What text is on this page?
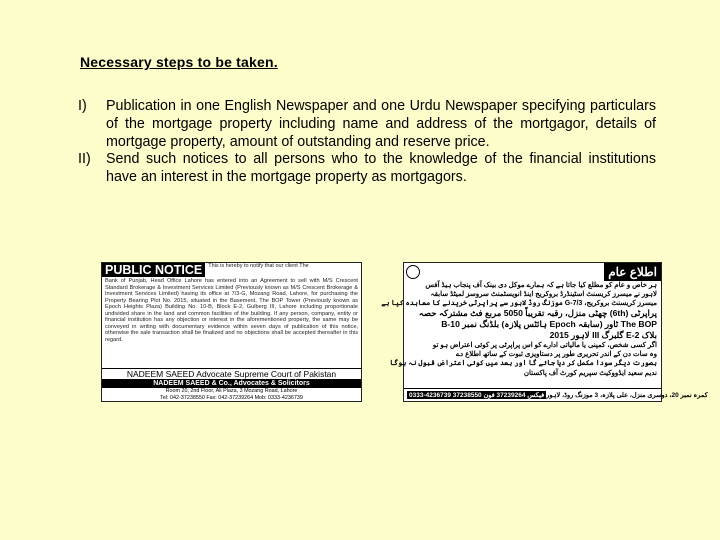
Necessary steps to be taken.
I)	Publication in one English Newspaper and one Urdu Newspaper specifying particulars of the mortgage property including name and address of the mortgagor, details of mortgage property, amount of outstanding and reserve price.
II)	Send such notices to all persons who to the knowledge of the financial institutions have an interest in the mortgage property as mortgagors.
PUBLIC NOTICE	This is hereby to notify that our client The
Bank of Punjab, Head Office Lahore has entered into an Agreement to sell with M/S Crescent Standard Brokerage & Investment Services Limited (Previously known as M/S Crescent Brokerage & Investment Services Limited) having its office at 7/3-G, Mozang Road, Lahore, for purchasing the Property Bearing Plot No. 2015, situated in the Basement, The BOP Tower (Previously known as Epoch Heights Plaza) Building No. 10-B, Block E-2, Gulberg III, Lahore including proportionate undivided share in the land and common facilities of the building. If any person, company, entity or financial institution has any objection or interest in the aforementioned property, the same may be conveyed in writing with documentary evidence within seven days of publication of this notice, otherwise the sale transaction shall be finalized and no objections shall be accepted thereafter in this regard.
NADEEM SAEED Advocate Supreme Court of Pakistan
NADEEM SAEED & Co., Advocates & Solicitors
Room 20, 2nd Floor, Ali Plaza, 3 Mozang Road, Lahore
Tel: 042-37238550 Fax: 042-37239264 Mob: 0333-4236739
اطلاع عام
ہر خاص و عام کو مطلع کیا جاتا ہے کہ ہمارے موکل دی بینک آف پنجاب ہیڈ آفس
لاہور نے میسرز کریسنٹ اسٹینڈرڈ بروکریج اینڈ انویسٹمنٹ سروسز لمیٹڈ سابقہ
میسرز کریسنٹ بروکریج، 7/3-G موزنگ روڈ لاہور سے پراپرٹی خریدنے کا معاہدہ کیا ہے
پراپرٹی (6th) چھٹی منزل، رقبہ تقریباً 5050 مربع فٹ مشترکہ حصہ
The BOP ٹاور (سابقہ Epoch ہائٹس پلازہ) بلڈنگ نمبر 10-B
بلاک E-2 گلبرگ III لاہور 2015
اگر کسی شخص، کمپنی یا مالیاتی ادارے کو اس پراپرٹی پر کوئی اعتراض ہو تو
وہ سات دن کے اندر تحریری طور پر دستاویزی ثبوت کے ساتھ اطلاع دے
بصورت دیگر سودا مکمل کر دیا جائے گا اور بعد میں کوئی اعتراض قبول نہ ہوگا
ندیم سعید ایڈووکیٹ سپریم کورٹ آف پاکستان
0333-4236739 فیکس 37239264 فون 37238550 کمرہ نمبر 20، دوسری منزل، علی پلازہ، 3 موزنگ روڈ، لاہور
